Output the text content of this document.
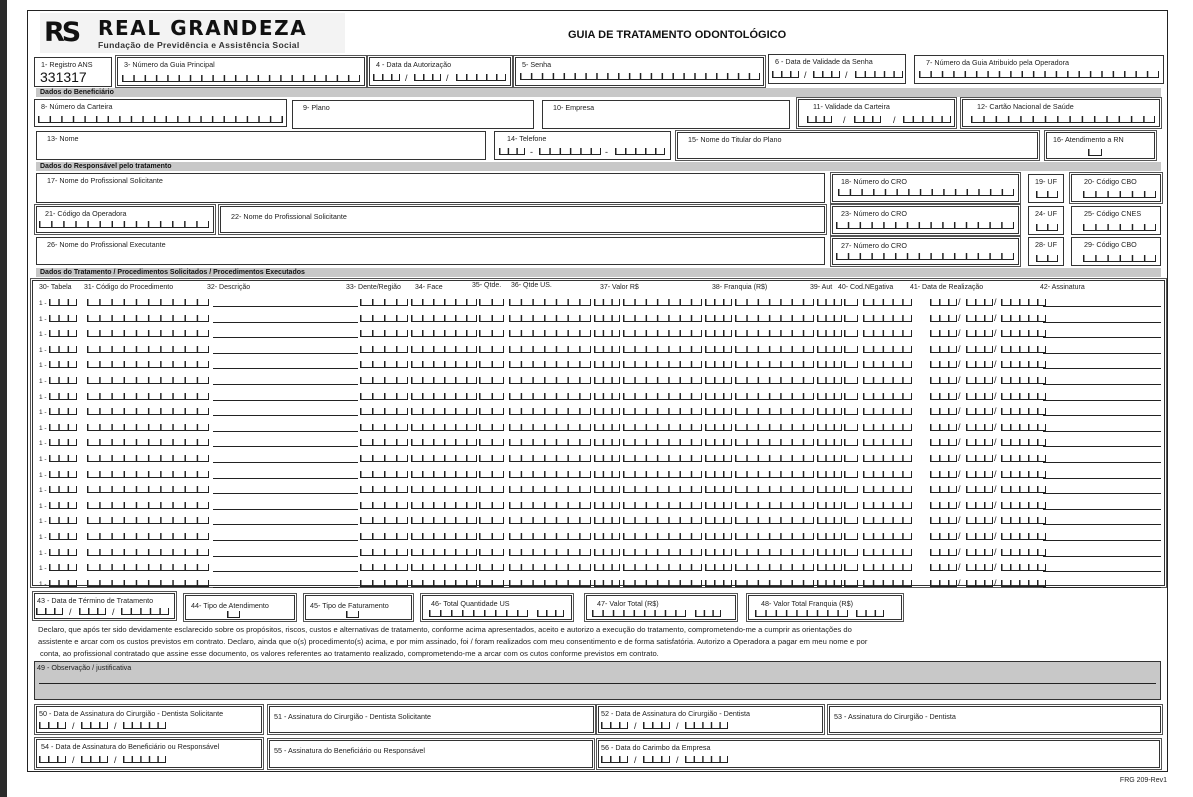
RS REAL GRANDEZA
Fundação de Previdência e Assistência Social
GUIA DE TRATAMENTO ODONTOLÓGICO
1- Registro ANS
331317
3- Número da Guia Principal	4 - Data da Autorização
/	/
5- Senha	6 - Data de Validade da Senha
/	/
7- Número da Guia Atribuido pela Operadora
Dados do Beneficiário
8- Número da Carteira	9- Plano	10- Empresa	11- Validade da Carteira
/	/
12- Cartão Nacional de Saúde
13- Nome	14- Telefone
-	-
15- Nome do Titular do Plano	16- Atendimento a RN
Dados do Responsável pelo tratamento
17- Nome do Profissional Solicitante	18- Número do CRO	19- UF	20- Código CBO
21- Código da Operadora	22- Nome do Profissional Solicitante	23- Número do CRO	24- UF	25- Código CNES
26- Nome do Profissional Executante	27- Número do CRO	28- UF	29- Código CBO
Dados do Tratamento / Procedimentos Solicitados / Procedimentos Executados
30- Tabela 31- Código do Procedimento	32- Descrição	33- Dente/Região 34- Face	35- Qtde. 36- Qtde US.	37- Valor R$	38- Franquia (R$)	39- Aut 40- Cod.NEgativa 41- Data de Realização	42- Assinatura
1 -	/	/
1 -	/	/
1 -	/	/
1 -	/	/
1 -	/	/
1 -	/	/
1 -	/	/
1 -	/	/
1 -	/	/
1 -	/	/
1 -	/	/
1 -	/	/
1 -	/	/
1 -	/	/
1 -	/	/
1 -	/	/
1 -	/	/
1 -	/	/
1 -	/	/
43 - Data de Término de Tratamento
/	/
44- Tipo de Atendimento	45- Tipo de Faturamento	46- Total Quantidade US	47- Valor Total (R$)	48- Valor Total Franquia (R$)
Declaro, que após ter sido devidamente esclarecido sobre os propósitos, riscos, custos e alternativas de tratamento, conforme acima apresentados, aceito e autorizo a execução do tratamento, comprometendo-me a cumprir as orientações do
assistente e arcar com os custos previstos em contrato. Declaro, ainda que o(s) procedimento(s) acima, e por mim assinado, foi / foram realizados com meu consentimento e de forma satisfatória. Autorizo a Operadora a pagar em meu nome e por
conta, ao profissional contratado que assine esse documento, os valores referentes ao tratamento realizado, comprometendo-me a arcar com os cutos conforme previstos em contrato.
49 - Observação / justificativa
50 - Data de Assinatura do Cirurgião - Dentista Solicitante
/	/
51 - Assinatura do Cirurgião - Dentista Solicitante	52 - Data de Assinatura do Cirurgião - Dentista
/	/
53 - Assinatura do Cirurgião - Dentista
54 - Data de Assinatura do Beneficiário ou Responsável
/	/
55 - Assinatura do Beneficiário ou Responsável	56 - Data do Carimbo da Empresa
/	/
FRG 209-Rev1
